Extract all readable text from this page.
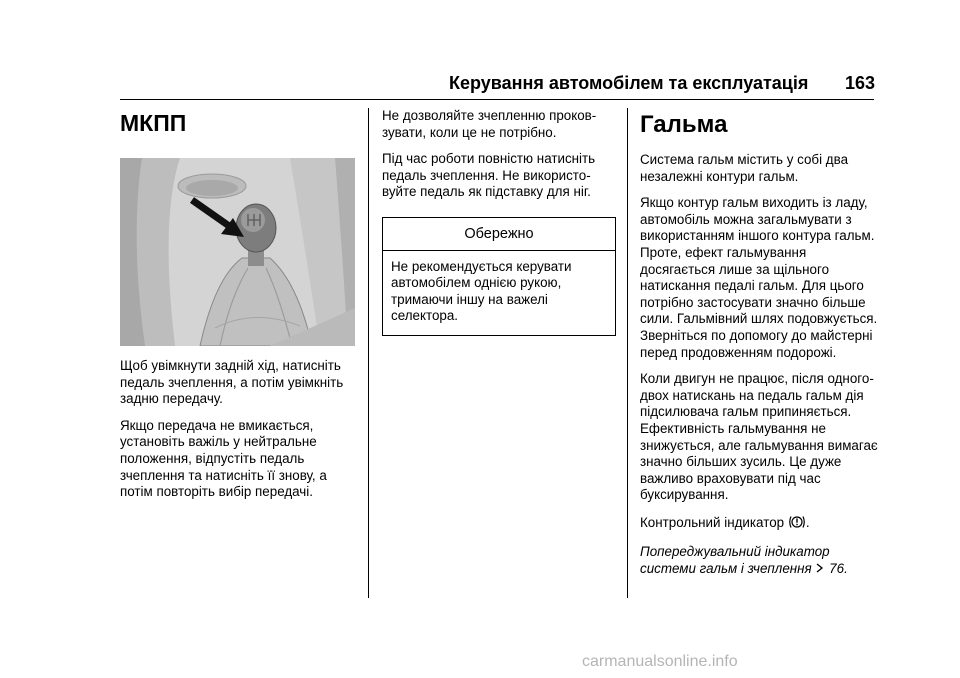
Керування автомобілем та експлуатація 163
МКПП

Щоб увімкнути задній хід, натисніть педаль зчеплення, а потім увімкніть задню передачу.

Якщо передача не вмикається, установіть важіль у нейтральне положення, відпустіть педаль зчеплення та натисніть її знову, а потім повторіть вибір передачі.

Не дозволяйте зчепленню проковзувати, коли це не потрібно.

Під час роботи повністю натисніть педаль зчеплення. Не використовуйте педаль як підставку для ніг.

Обережно
Не рекомендується керувати автомобілем однією рукою, тримаючи іншу на важелі селектора.
Гальма

Система гальм містить у собі два незалежні контури гальм.

Якщо контур гальм виходить із ладу, автомобіль можна загальмувати з використанням іншого контура гальм. Проте, ефект гальмування досягається лише за щільного натискання педалі гальм. Для цього потрібно застосувати значно більше сили. Гальмівний шлях подовжується. Зверніться по допомогу до майстерні перед продовженням подорожі.

Коли двигун не працює, після одного-двох натискань на педаль гальм дія підсилювача гальм припиняється. Ефективність гальмування не знижується, але гальмування вимагає значно більших зусиль. Це дуже важливо враховувати під час буксирування.

Контрольний індикатор .

Попереджувальний індикатор системи гальм і зчеплення 76.

carmanualsonline.info
